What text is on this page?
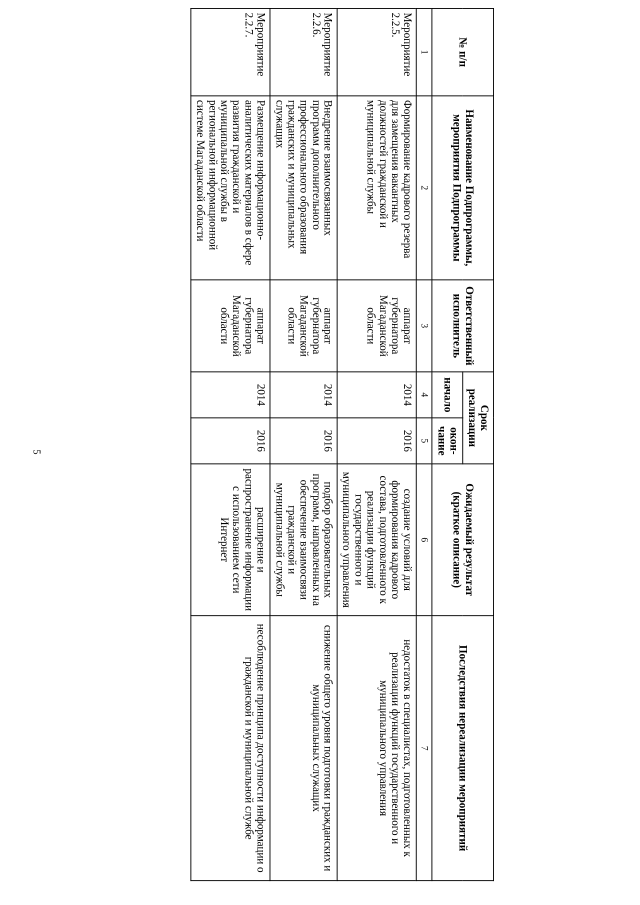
5
№ п/п	Наименование Подпрограммы, мероприятия Подпрограммы	Ответственный исполнитель	Срок реализации		Ожидаемый результат (краткое описание)	Последствия нереализации мероприятий
			начало	окон-чание		
1	2	3	4	5	6	7
Мероприятие 2.2.5.	Формирование кадрового резерва для замещения вакантных должностей гражданской и муниципальной службы	аппарат губернатора Магаданской области	2014	2016	создание условий для формирования кадрового состава, подготовленного к реализации функций государственного и муниципального управления	недостаток в специалистах, подготовленных к реализации функций государственного и муниципального управления
Мероприятие 2.2.6.	Внедрение взаимосвязанных программ дополнительного профессионального образования гражданских и муниципальных служащих	аппарат губернатора Магаданской области	2014	2016	подбор образовательных программ, направленных на обеспечение взаимосвязи гражданской и муниципальной службы	снижение общего уровня подготовки гражданских и муниципальных служащих
Мероприятие 2.2.7.	Размещение информационно-аналитических материалов в сфере развития гражданской и муниципальной службы в региональной информационной системе Магаданской области	аппарат губернатора Магаданской области	2014	2016	расширение и распространение информации с использованием сети Интернет	несоблюдение принципа доступности информации о гражданской и муниципальной службе
